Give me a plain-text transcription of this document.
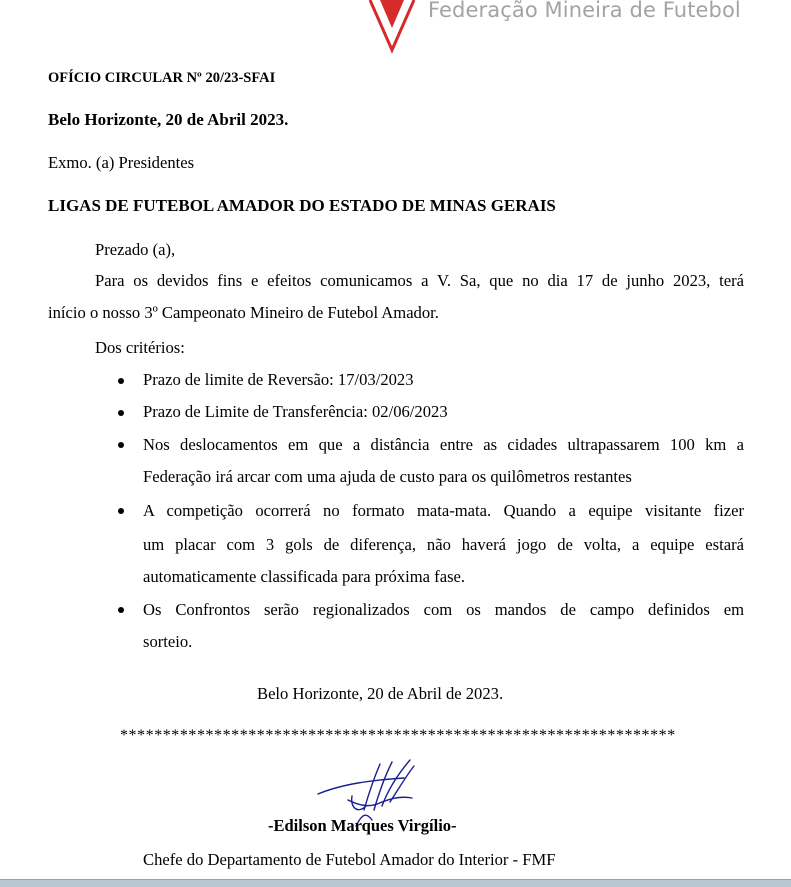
Federação Mineira de Futebol
OFÍCIO CIRCULAR Nº 20/23-SFAI
Belo Horizonte, 20 de Abril 2023.
Exmo. (a) Presidentes
LIGAS DE FUTEBOL AMADOR DO ESTADO DE MINAS GERAIS
Prezado (a),
Para os devidos fins e efeitos comunicamos a V. Sa, que no dia 17 de junho 2023, terá
início o nosso 3º Campeonato Mineiro de Futebol Amador.
Dos critérios:
Prazo de limite de Reversão: 17/03/2023
Prazo de Limite de Transferência: 02/06/2023
Nos deslocamentos em que a distância entre as cidades ultrapassarem 100 km a
Federação irá arcar com uma ajuda de custo para os quilômetros restantes
A competição ocorrerá no formato mata-mata. Quando a equipe visitante fizer
um placar com 3 gols de diferença, não haverá jogo de volta, a equipe estará
automaticamente classificada para próxima fase.
Os Confrontos serão regionalizados com os mandos de campo definidos em
sorteio.
Belo Horizonte, 20 de Abril de 2023.
*****************************************************************
-Edilson Marques Virgílio-
Chefe do Departamento de Futebol Amador do Interior - FMF
